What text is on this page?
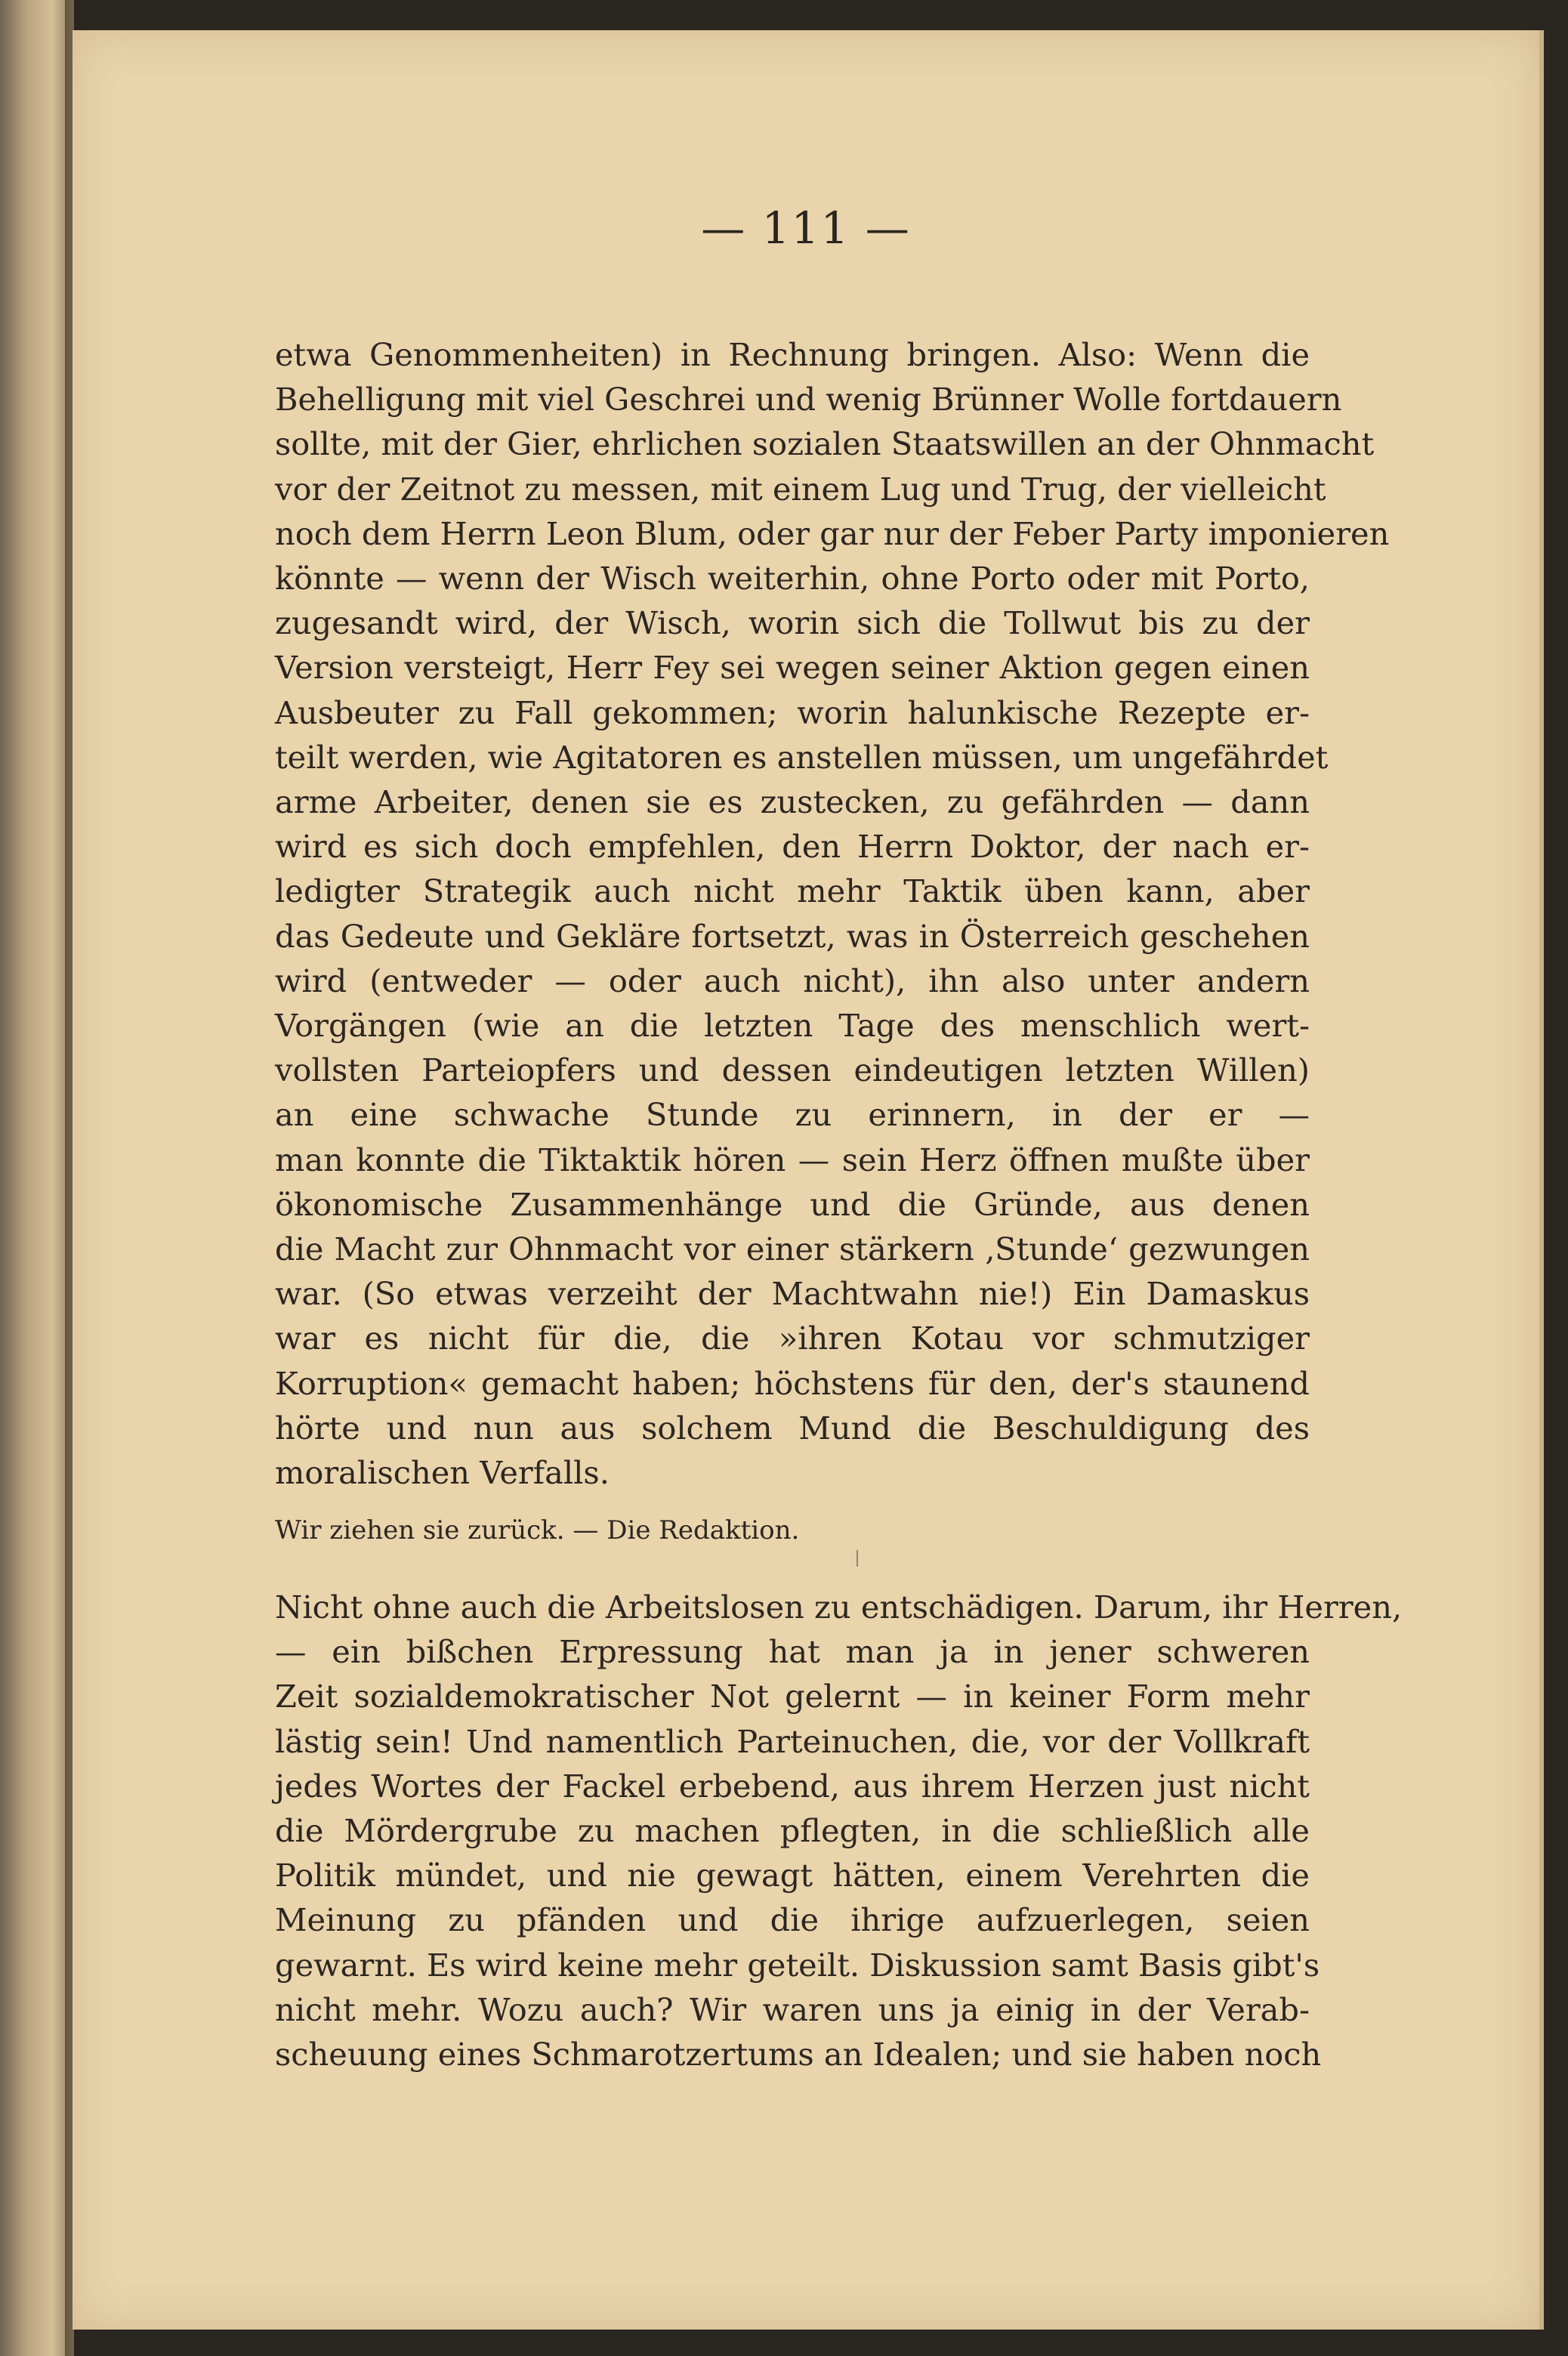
— 111 —
etwa Genommenheiten) in Rechnung bringen. Also: Wenn die
Behelligung mit viel Geschrei und wenig Brünner Wolle fortdauern
sollte, mit der Gier, ehrlichen sozialen Staatswillen an der Ohnmacht
vor der Zeitnot zu messen, mit einem Lug und Trug, der vielleicht
noch dem Herrn Leon Blum, oder gar nur der Feber Party imponieren
könnte — wenn der Wisch weiterhin, ohne Porto oder mit Porto,
zugesandt wird, der Wisch, worin sich die Tollwut bis zu der
Version versteigt, Herr Fey sei wegen seiner Aktion gegen einen
Ausbeuter zu Fall gekommen; worin halunkische Rezepte er-
teilt werden, wie Agitatoren es anstellen müssen, um ungefährdet
arme Arbeiter, denen sie es zustecken, zu gefährden — dann
wird es sich doch empfehlen, den Herrn Doktor, der nach er-
ledigter Strategik auch nicht mehr Taktik üben kann, aber
das Gedeute und Gekläre fortsetzt, was in Österreich geschehen
wird (entweder — oder auch nicht), ihn also unter andern
Vorgängen (wie an die letzten Tage des menschlich wert-
vollsten Parteiopfers und dessen eindeutigen letzten Willen)
an eine schwache Stunde zu erinnern, in der er —
man konnte die Tiktaktik hören — sein Herz öffnen mußte über
ökonomische Zusammenhänge und die Gründe, aus denen
die Macht zur Ohnmacht vor einer stärkern ‚Stunde‘ gezwungen
war. (So etwas verzeiht der Machtwahn nie!) Ein Damaskus
war es nicht für die, die »ihren Kotau vor schmutziger
Korruption« gemacht haben; höchstens für den, der's staunend
hörte und nun aus solchem Mund die Beschuldigung des
moralischen Verfalls.
Wir ziehen sie zurück. — Die Redaktion.
Nicht ohne auch die Arbeitslosen zu entschädigen. Darum, ihr Herren,
— ein bißchen Erpressung hat man ja in jener schweren
Zeit sozialdemokratischer Not gelernt — in keiner Form mehr
lästig sein! Und namentlich Parteinuchen, die, vor der Vollkraft
jedes Wortes der Fackel erbebend, aus ihrem Herzen just nicht
die Mördergrube zu machen pflegten, in die schließlich alle
Politik mündet, und nie gewagt hätten, einem Verehrten die
Meinung zu pfänden und die ihrige aufzuerlegen, seien
gewarnt. Es wird keine mehr geteilt. Diskussion samt Basis gibt's
nicht mehr. Wozu auch? Wir waren uns ja einig in der Verab-
scheuung eines Schmarotzertums an Idealen; und sie haben noch
